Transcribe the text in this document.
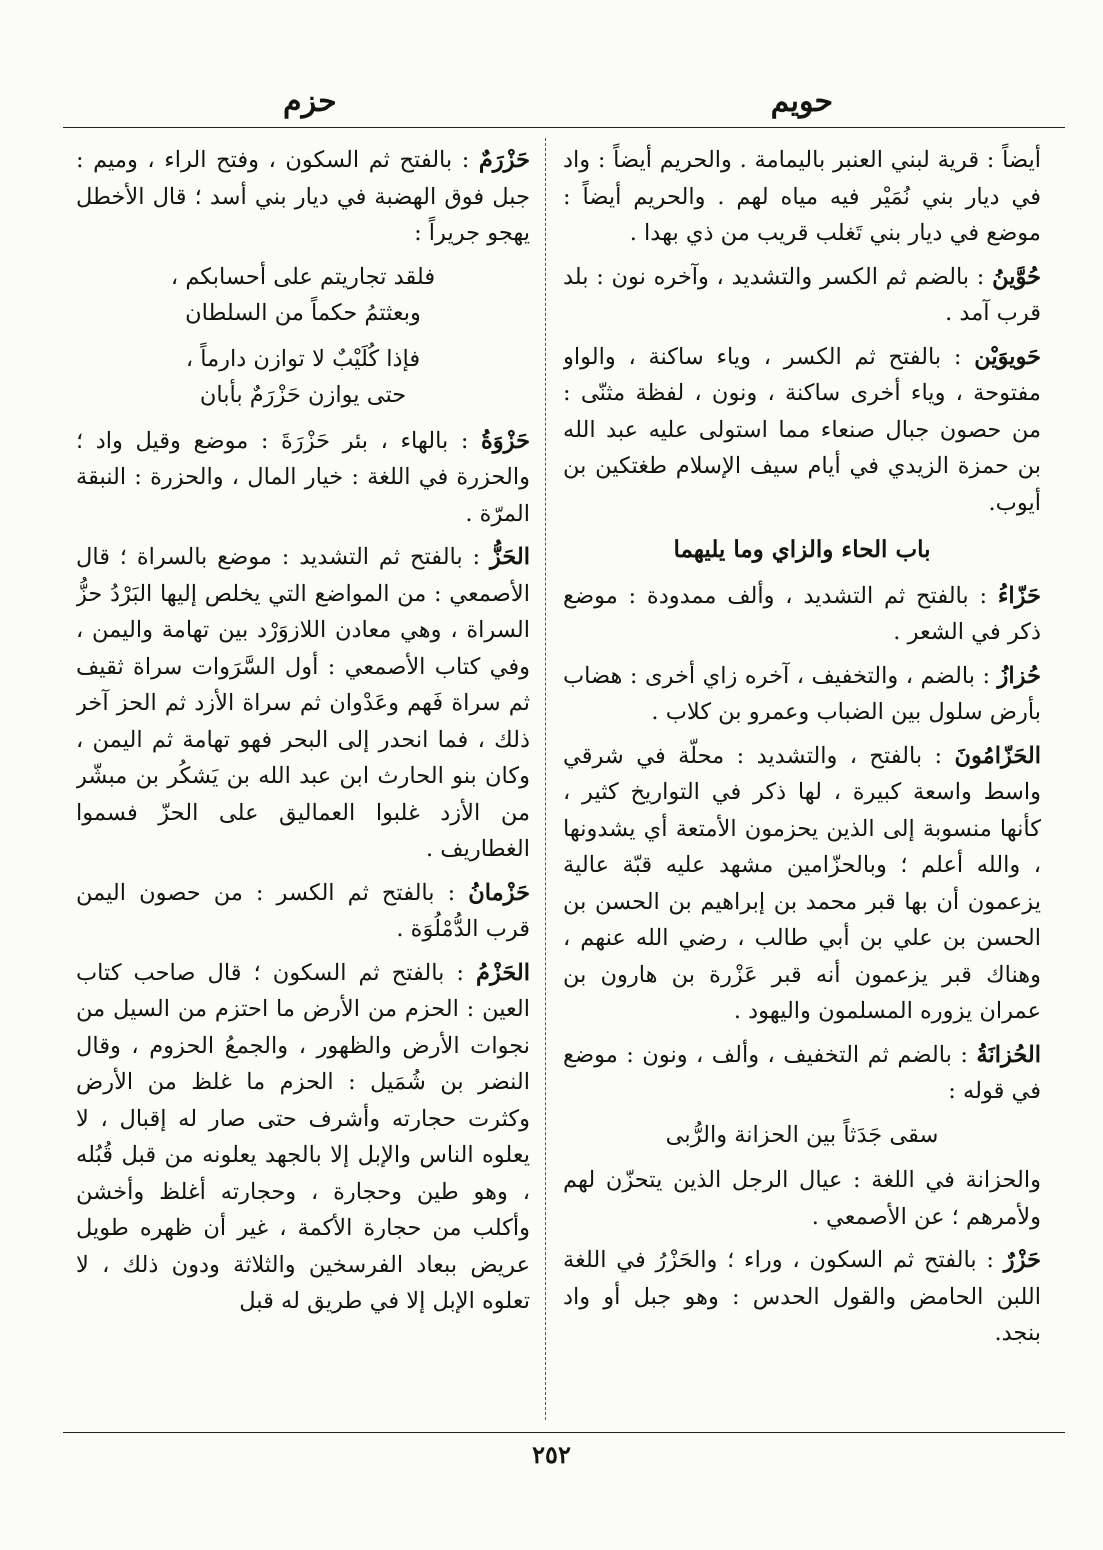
حويم
حزم

أيضاً : قرية لبني العنبر باليمامة . والحريم أيضاً : واد في ديار بني نُمَيْر فيه مياه لهم . والحريم أيضاً : موضع في ديار بني تَغلب قريب من ذي بهدا .

حُوَّينُ : بالضم ثم الكسر والتشديد ، وآخره نون : بلد قرب آمد .

حَويوَيْن : بالفتح ثم الكسر ، وياء ساكنة ، والواو مفتوحة ، وياء أخرى ساكنة ، ونون ، لفظة مثنّى : من حصون جبال صنعاء مما استولى عليه عبد الله بن حمزة الزيدي في أيام سيف الإسلام طغتكين بن أيوب.

باب الحاء والزاي وما يليهما

حَزّاءُ : بالفتح ثم التشديد ، وألف ممدودة : موضع ذكر في الشعر .

حُزازُ : بالضم ، والتخفيف ، آخره زاي أخرى : هضاب بأرض سلول بين الضباب وعمرو بن كلاب .

الحَزّامُونَ : بالفتح ، والتشديد : محلّة في شرقي واسط واسعة كبيرة ، لها ذكر في التواريخ كثير ، كأنها منسوبة إلى الذين يحزمون الأمتعة أي يشدونها ، والله أعلم ؛ وبالحزّامين مشهد عليه قبّة عالية يزعمون أن بها قبر محمد بن إبراهيم بن الحسن بن الحسن بن علي بن أبي طالب ، رضي الله عنهم ، وهناك قبر يزعمون أنه قبر عَزْرة بن هارون بن عمران يزوره المسلمون واليهود .

الحُزانَةُ : بالضم ثم التخفيف ، وألف ، ونون : موضع في قوله :

سقى جَدَثاً بين الحزانة والرُّبى

والحزانة في اللغة : عيال الرجل الذين يتحزّن لهم ولأمرهم ؛ عن الأصمعي .

حَزْرٌ : بالفتح ثم السكون ، وراء ؛ والحَزْرُ في اللغة اللبن الحامض والقول الحدس : وهو جبل أو واد بنجد.

حَزْرَمٌ : بالفتح ثم السكون ، وفتح الراء ، وميم : جبل فوق الهضبة في ديار بني أسد ؛ قال الأخطل يهجو جريراً :

فلقد تجاريتم على أحسابكم ،
وبعثتمُ حكماً من السلطان
فإذا كُلَيْبٌ لا توازن دارماً ،
حتى يوازن حَزْرَمٌ بأبان

حَزْوَةُ : بالهاء ، بئر حَزْرَةَ : موضع وقيل واد ؛ والحزرة في اللغة : خيار المال ، والحزرة : النبقة المرّة .

الحَزُّ : بالفتح ثم التشديد : موضع بالسراة ؛ قال الأصمعي : من المواضع التي يخلص إليها البَرْدُ حزُّ السراة ، وهي معادن اللازوَرْد بين تهامة واليمن ، وفي كتاب الأصمعي : أول السَّرَوات سراة ثقيف ثم سراة فَهم وعَدْوان ثم سراة الأزد ثم الحز آخر ذلك ، فما انحدر إلى البحر فهو تهامة ثم اليمن ، وكان بنو الحارث ابن عبد الله بن يَشكُر بن مبشّر من الأزد غلبوا العماليق على الحزّ فسموا الغطاريف .

حَزْمانُ : بالفتح ثم الكسر : من حصون اليمن قرب الدُّمْلُوَة .

الحَزْمُ : بالفتح ثم السكون ؛ قال صاحب كتاب العين : الحزم من الأرض ما احتزم من السيل من نجوات الأرض والظهور ، والجمعُ الحزوم ، وقال النضر بن شُمَيل : الحزم ما غلظ من الأرض وكثرت حجارته وأشرف حتى صار له إقبال ، لا يعلوه الناس والإبل إلا بالجهد يعلونه من قبل قُبُله ، وهو طين وحجارة ، وحجارته أغلظ وأخشن وأكلب من حجارة الأكمة ، غير أن ظهره طويل عريض ببعاد الفرسخين والثلاثة ودون ذلك ، لا تعلوه الإبل إلا في طريق له قبل

٢٥٢
